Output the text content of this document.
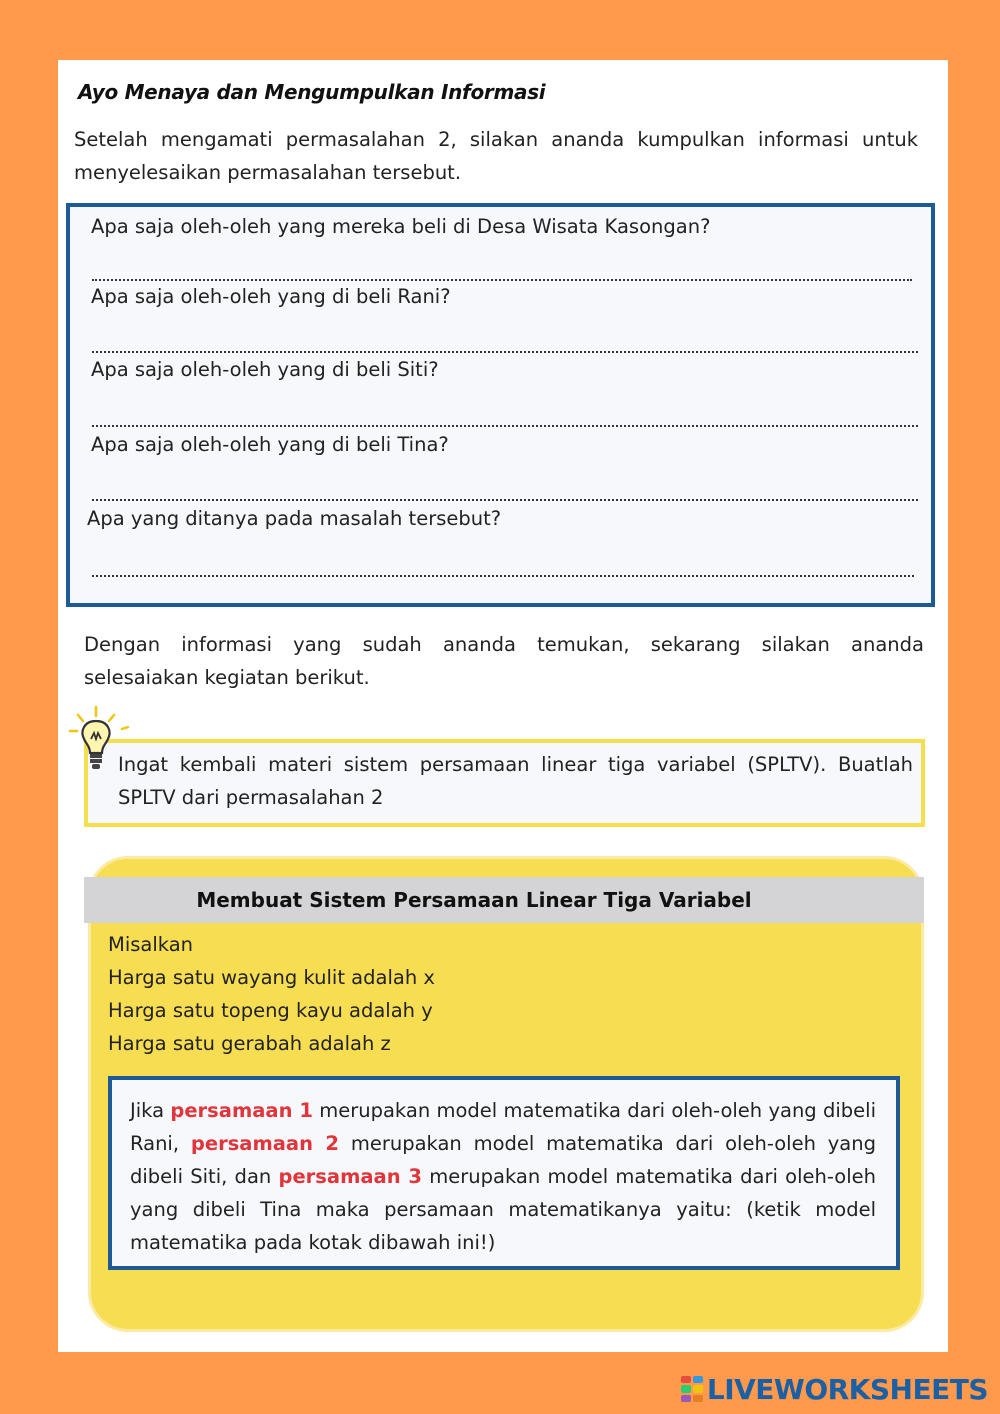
Ayo Menaya dan Mengumpulkan Informasi

Setelah mengamati permasalahan 2, silakan ananda kumpulkan informasi untuk menyelesaikan permasalahan tersebut.

Apa saja oleh-oleh yang mereka beli di Desa Wisata Kasongan?

Apa saja oleh-oleh yang di beli Rani?

Apa saja oleh-oleh yang di beli Siti?

Apa saja oleh-oleh yang di beli Tina?

Apa yang ditanya pada masalah tersebut?

Dengan informasi yang sudah ananda temukan, sekarang silakan ananda selesaiakan kegiatan berikut.

Ingat kembali materi sistem persamaan linear tiga variabel (SPLTV). Buatlah SPLTV dari permasalahan 2

Membuat Sistem Persamaan Linear Tiga Variabel
Misalkan
Harga satu wayang kulit adalah x
Harga satu topeng kayu adalah y
Harga satu gerabah adalah z

Jika persamaan 1 merupakan model matematika dari oleh-oleh yang dibeli Rani, persamaan 2 merupakan model matematika dari oleh-oleh yang dibeli Siti, dan persamaan 3 merupakan model matematika dari oleh-oleh yang dibeli Tina maka persamaan matematikanya yaitu: (ketik model matematika pada kotak dibawah ini!)

LIVEWORKSHEETS
